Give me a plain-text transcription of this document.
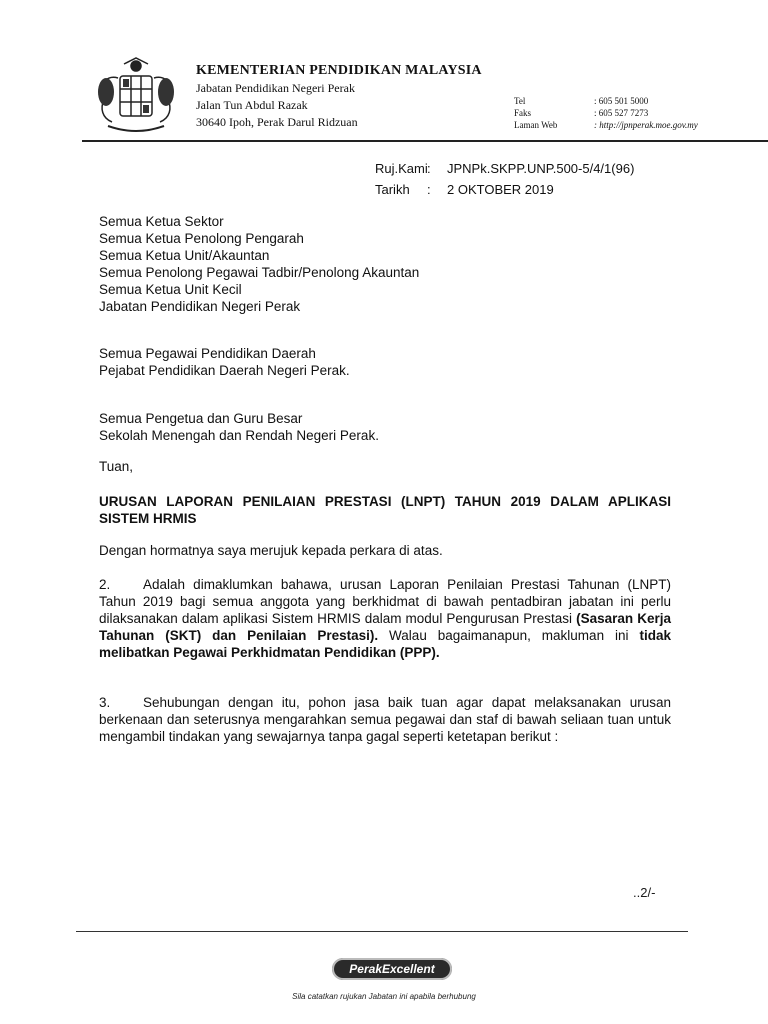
KEMENTERIAN PENDIDIKAN MALAYSIA
Jabatan Pendidikan Negeri Perak
Jalan Tun Abdul Razak
30640 Ipoh, Perak Darul Ridzuan
Tel	: 605 501 5000
Faks	: 605 527 7273
Laman Web	: http://jpnperak.moe.gov.my
Ruj.Kami :	JPNPk.SKPP.UNP.500-5/4/1(96)
Tarikh	:	2 OKTOBER 2019
Semua Ketua Sektor
Semua Ketua Penolong Pengarah
Semua Ketua Unit/Akauntan
Semua Penolong Pegawai Tadbir/Penolong Akauntan
Semua Ketua Unit Kecil
Jabatan Pendidikan Negeri Perak
Semua Pegawai Pendidikan Daerah
Pejabat Pendidikan Daerah Negeri Perak.
Semua Pengetua dan Guru Besar
Sekolah Menengah dan Rendah Negeri Perak.
Tuan,
URUSAN LAPORAN PENILAIAN PRESTASI (LNPT) TAHUN 2019 DALAM APLIKASI SISTEM HRMIS
Dengan hormatnya saya merujuk kepada perkara di atas.
2. Adalah dimaklumkan bahawa, urusan Laporan Penilaian Prestasi Tahunan (LNPT) Tahun 2019 bagi semua anggota yang berkhidmat di bawah pentadbiran jabatan ini perlu dilaksanakan dalam aplikasi Sistem HRMIS dalam modul Pengurusan Prestasi (Sasaran Kerja Tahunan (SKT) dan Penilaian Prestasi). Walau bagaimanapun, makluman ini tidak melibatkan Pegawai Perkhidmatan Pendidikan (PPP).
3. Sehubungan dengan itu, pohon jasa baik tuan agar dapat melaksanakan urusan berkenaan dan seterusnya mengarahkan semua pegawai dan staf di bawah seliaan tuan untuk mengambil tindakan yang sewajarnya tanpa gagal seperti ketetapan berikut :
..2/-
PerakExcellent
Sila catatkan rujukan Jabatan ini apabila berhubung
